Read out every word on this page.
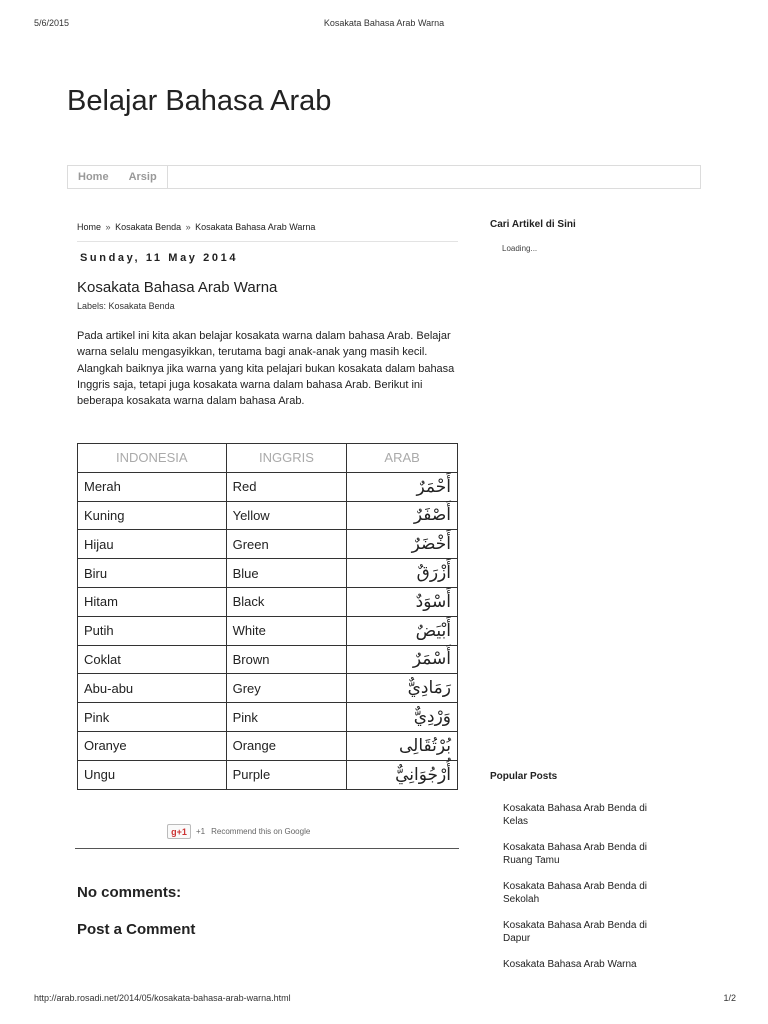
5/6/2015	Kosakata Bahasa Arab Warna
Belajar Bahasa Arab
Home	Arsip
Home » Kosakata Benda » Kosakata Bahasa Arab Warna
Sunday, 11 May 2014
Kosakata Bahasa Arab Warna
Labels: Kosakata Benda

Pada artikel ini kita akan belajar kosakata warna dalam bahasa Arab. Belajar warna selalu mengasyikkan, terutama bagi anak-anak yang masih kecil. Alangkah baiknya jika warna yang kita pelajari bukan kosakata dalam bahasa Inggris saja, tetapi juga kosakata warna dalam bahasa Arab. Berikut ini beberapa kosakata warna dalam bahasa Arab.

INDONESIA	INGGRIS	ARAB
Merah	Red	أَحْمَرٌ
Kuning	Yellow	أَصْفَرٌ
Hijau	Green	أَخْضَرٌ
Biru	Blue	أَزْرَقٌ
Hitam	Black	أَسْوَدٌ
Putih	White	أَبْيَضٌ
Coklat	Brown	أَسْمَرٌ
Abu-abu	Grey	رَمَادِيٌّ
Pink	Pink	وَرْدِيٌّ
Oranye	Orange	بُرْتُقَالِى
Ungu	Purple	أُرْجُوَانِيٌّ
g+1	+1 Recommend this on Google
No comments:
Post a Comment
Cari Artikel di Sini
Loading...
Popular Posts
Kosakata Bahasa Arab Benda di Kelas
Kosakata Bahasa Arab Benda di Ruang Tamu
Kosakata Bahasa Arab Benda di Sekolah
Kosakata Bahasa Arab Benda di Dapur
Kosakata Bahasa Arab Warna
http://arab.rosadi.net/2014/05/kosakata-bahasa-arab-warna.html	1/2
